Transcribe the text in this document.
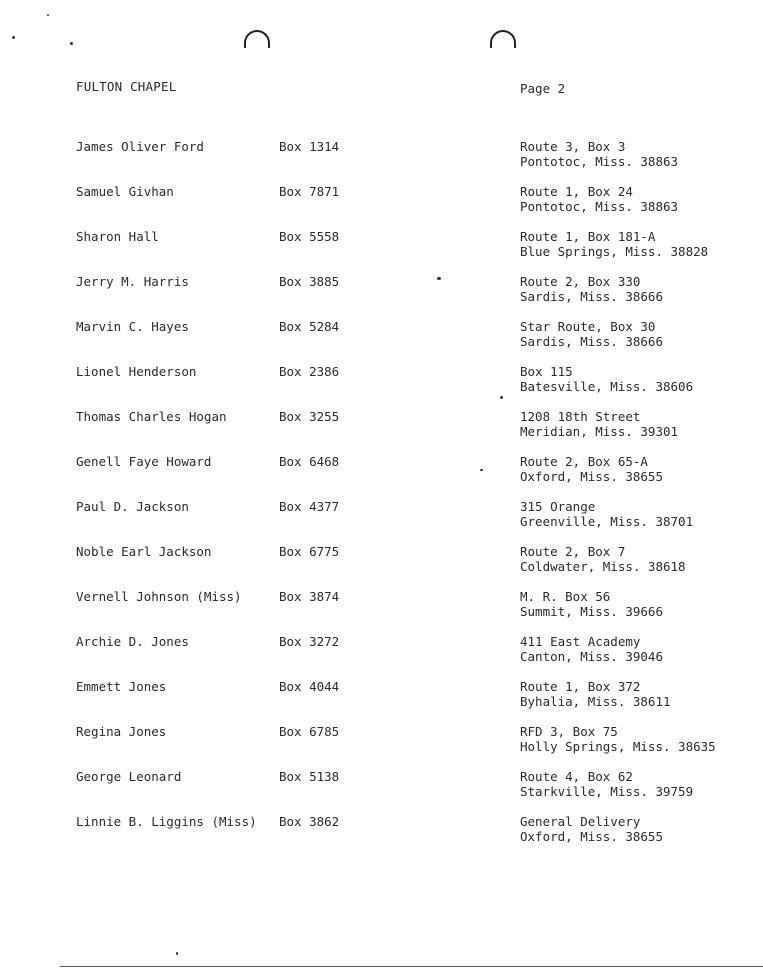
FULTON CHAPEL	Page 2
James Oliver Ford	Box 1314	Route 3, Box 3
Pontotoc, Miss. 38863
Samuel Givhan	Box 7871	Route 1, Box 24
Pontotoc, Miss. 38863
Sharon Hall	Box 5558	Route 1, Box 181-A
Blue Springs, Miss. 38828
Jerry M. Harris	Box 3885	Route 2, Box 330
Sardis, Miss. 38666
Marvin C. Hayes	Box 5284	Star Route, Box 30
Sardis, Miss. 38666
Lionel Henderson	Box 2386	Box 115
Batesville, Miss. 38606
Thomas Charles Hogan	Box 3255	1208 18th Street
Meridian, Miss. 39301
Genell Faye Howard	Box 6468	Route 2, Box 65-A
Oxford, Miss. 38655
Paul D. Jackson	Box 4377	315 Orange
Greenville, Miss. 38701
Noble Earl Jackson	Box 6775	Route 2, Box 7
Coldwater, Miss. 38618
Vernell Johnson (Miss)	Box 3874	M. R. Box 56
Summit, Miss. 39666
Archie D. Jones	Box 3272	411 East Academy
Canton, Miss. 39046
Emmett Jones	Box 4044	Route 1, Box 372
Byhalia, Miss. 38611
Regina Jones	Box 6785	RFD 3, Box 75
Holly Springs, Miss. 38635
George Leonard	Box 5138	Route 4, Box 62
Starkville, Miss. 39759
Linnie B. Liggins (Miss) Box 3862	General Delivery
Oxford, Miss. 38655
